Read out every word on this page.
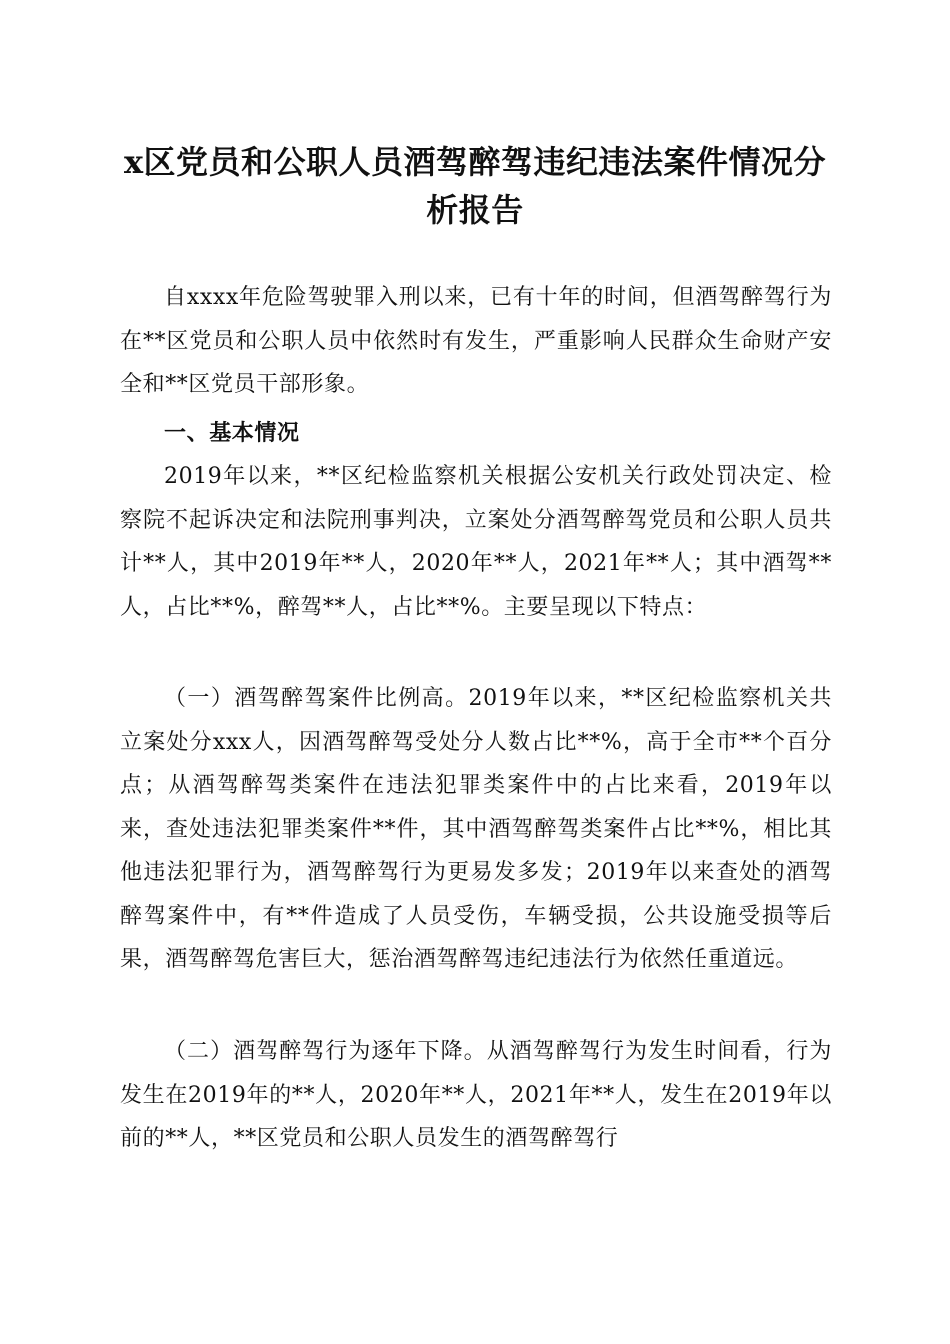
x区党员和公职人员酒驾醉驾违纪违法案件情况分析报告

自xxxx年危险驾驶罪入刑以来，已有十年的时间，但酒驾醉驾行为在**区党员和公职人员中依然时有发生，严重影响人民群众生命财产安全和**区党员干部形象。

一、基本情况

2019年以来，**区纪检监察机关根据公安机关行政处罚决定、检察院不起诉决定和法院刑事判决，立案处分酒驾醉驾党员和公职人员共计**人，其中2019年**人，2020年**人，2021年**人；其中酒驾**人，占比**%，醉驾**人，占比**%。主要呈现以下特点：

（一）酒驾醉驾案件比例高。2019年以来，**区纪检监察机关共立案处分xxx人，因酒驾醉驾受处分人数占比**%，高于全市**个百分点；从酒驾醉驾类案件在违法犯罪类案件中的占比来看，2019年以来，查处违法犯罪类案件**件，其中酒驾醉驾类案件占比**%，相比其他违法犯罪行为，酒驾醉驾行为更易发多发；2019年以来查处的酒驾醉驾案件中，有**件造成了人员受伤，车辆受损，公共设施受损等后果，酒驾醉驾危害巨大，惩治酒驾醉驾违纪违法行为依然任重道远。

（二）酒驾醉驾行为逐年下降。从酒驾醉驾行为发生时间看，行为发生在2019年的**人，2020年**人，2021年**人，发生在2019年以前的**人，**区党员和公职人员发生的酒驾醉驾行
